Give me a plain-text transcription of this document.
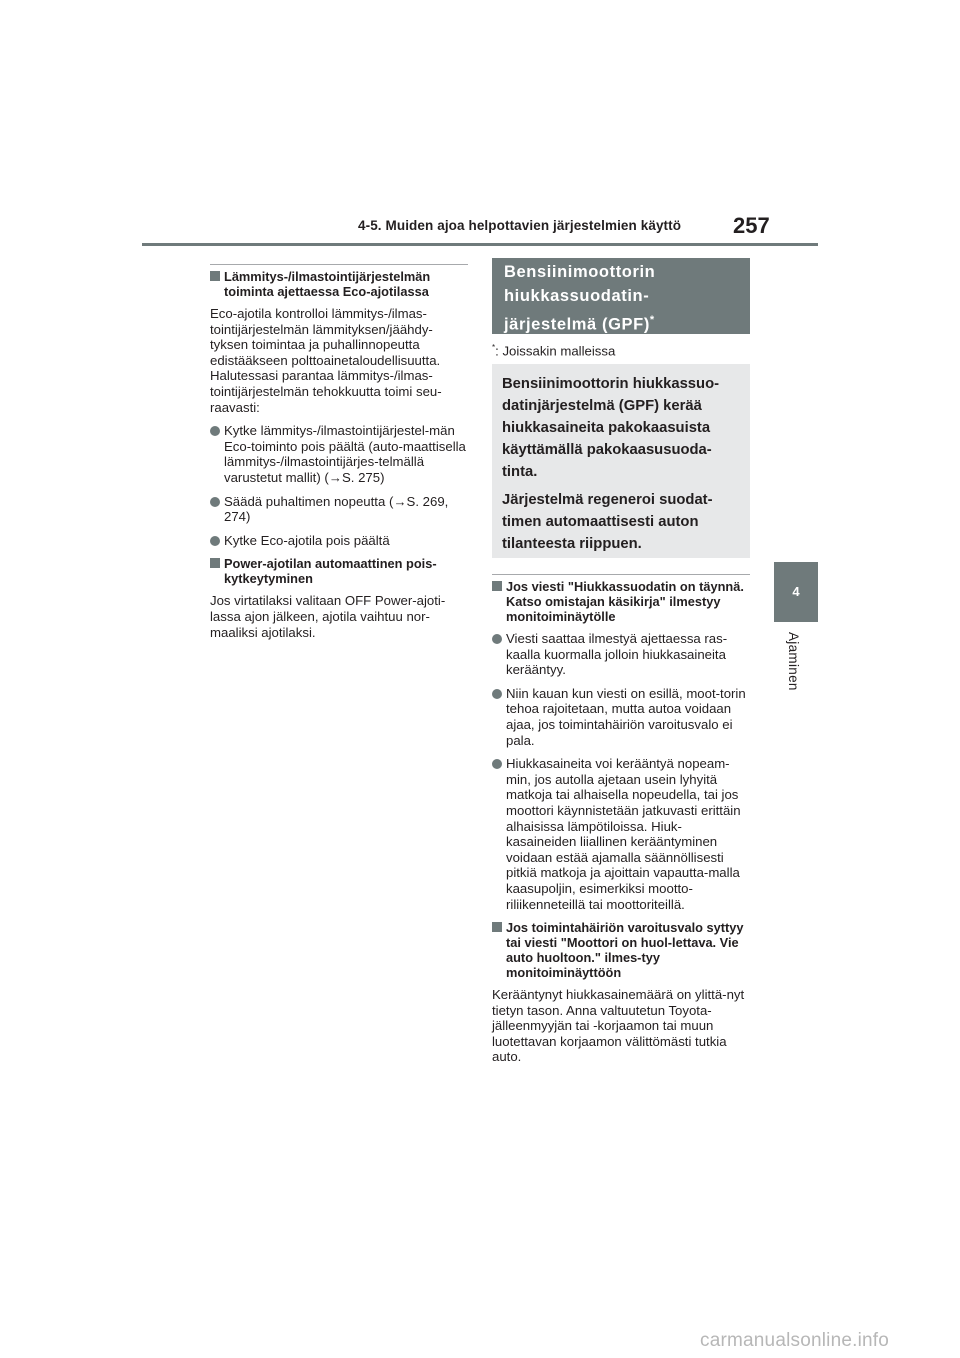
4-5. Muiden ajoa helpottavien järjestelmien käyttö 257
4
Ajaminen
Lämmitys-/ilmastointijärjestelmän toiminta ajettaessa Eco-ajotilassa
Eco-ajotila kontrolloi lämmitys-/ilmas-tointijärjestelmän lämmityksen/jäähdy-tyksen toimintaa ja puhallinnopeutta edistääkseen polttoainetaloudellisuutta. Halutessasi parantaa lämmitys-/ilmas-tointijärjestelmän tehokkuutta toimi seu-raavasti:
Kytke lämmitys-/ilmastointijärjestel-män Eco-toiminto pois päältä (auto-maattisella lämmitys-/ilmastointijärjes-telmällä varustetut mallit) (→S. 275)
Säädä puhaltimen nopeutta (→S. 269, 274)
Kytke Eco-ajotila pois päältä
Power-ajotilan automaattinen pois-kytkeytyminen
Jos virtatilaksi valitaan OFF Power-ajoti-lassa ajon jälkeen, ajotila vaihtuu nor-maaliksi ajotilaksi.
Bensiinimoottorin hiukkassuodatin-järjestelmä (GPF)*
*: Joissakin malleissa

Bensiinimoottorin hiukkassuo-datinjärjestelmä (GPF) kerää hiukkasaineita pakokaasuista käyttämällä pakokaasusuoda-tinta.

Järjestelmä regeneroi suodat-timen automaattisesti auton tilanteesta riippuen.

Jos viesti "Hiukkassuodatin on täynnä. Katso omistajan käsikirja" ilmestyy monitoiminäytölle
Viesti saattaa ilmestyä ajettaessa ras-kaalla kuormalla jolloin hiukkasaineita kerääntyy.
Niin kauan kun viesti on esillä, moot-torin tehoa rajoitetaan, mutta autoa voidaan ajaa, jos toimintahäiriön varoitusvalo ei pala.
Hiukkasaineita voi kerääntyä nopeam-min, jos autolla ajetaan usein lyhyitä matkoja tai alhaisella nopeudella, tai jos moottori käynnistetään jatkuvasti erittäin alhaisissa lämpötiloissa. Hiuk-kasaineiden liiallinen kerääntyminen voidaan estää ajamalla säännöllisesti pitkiä matkoja ja ajoittain vapautta-malla kaasupoljin, esimerkiksi mootto-riliikenneteillä tai moottoriteillä.
Jos toimintahäiriön varoitusvalo syttyy tai viesti "Moottori on huol-lettava. Vie auto huoltoon." ilmes-tyy monitoiminäyttöön
Kerääntynyt hiukkasainemäärä on ylittä-nyt tietyn tason. Anna valtuutetun Toyota-jälleenmyyjän tai -korjaamon tai muun luotettavan korjaamon välittömästi tutkia auto.
carmanualsonline.info
